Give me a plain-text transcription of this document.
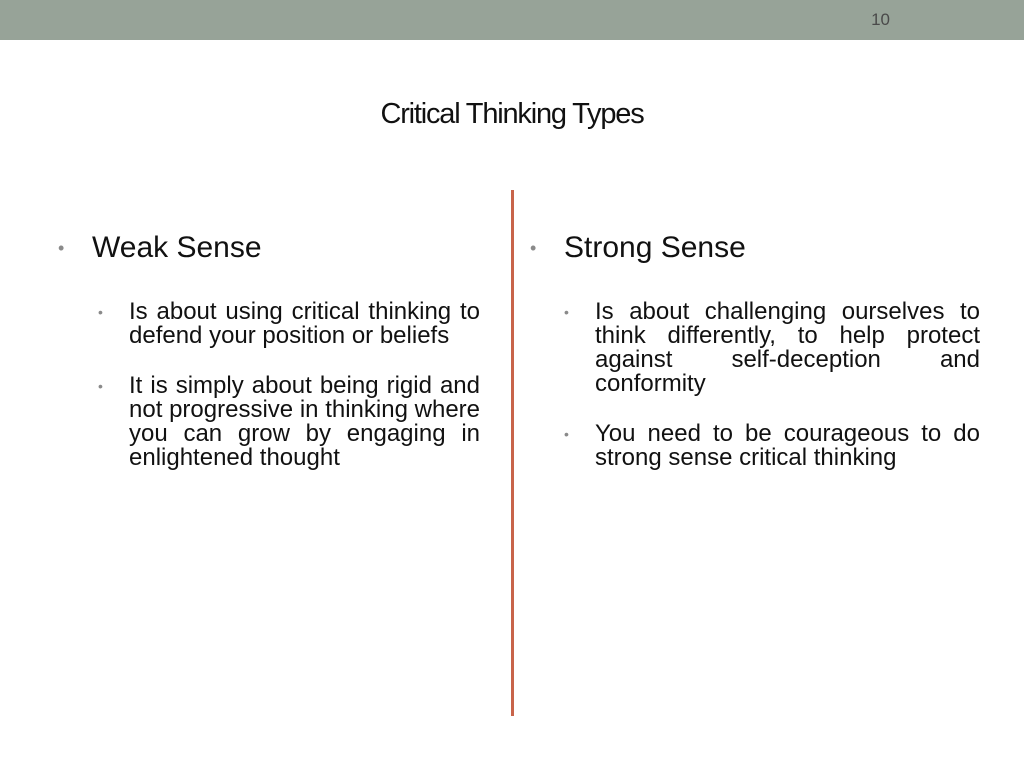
10
Critical Thinking Types
• Weak Sense
• Is about using critical thinking to defend your position or beliefs
• It is simply about being rigid and not progressive in thinking where you can grow by engaging in enlightened thought
• Strong Sense
• Is about challenging ourselves to think differently, to help protect against self-deception and conformity
• You need to be courageous to do strong sense critical thinking
